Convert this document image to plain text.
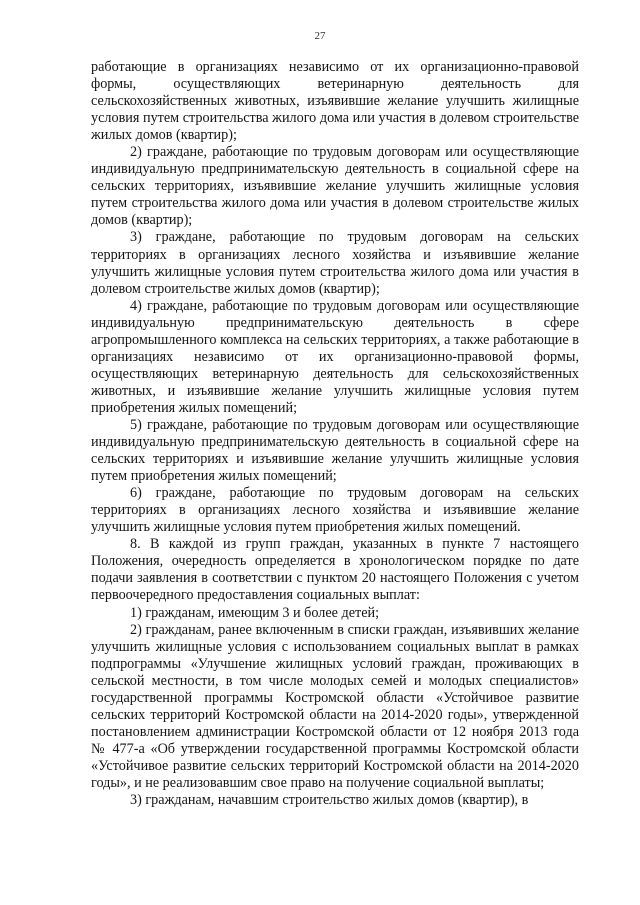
27

работающие в организациях независимо от их организационно-правовой формы, осуществляющих ветеринарную деятельность для сельскохозяйственных животных, изъявившие желание улучшить жилищные условия путем строительства жилого дома или участия в долевом строительстве жилых домов (квартир);

2) граждане, работающие по трудовым договорам или осуществляющие индивидуальную предпринимательскую деятельность в социальной сфере на сельских территориях, изъявившие желание улучшить жилищные условия путем строительства жилого дома или участия в долевом строительстве жилых домов (квартир);

3) граждане, работающие по трудовым договорам на сельских территориях в организациях лесного хозяйства и изъявившие желание улучшить жилищные условия путем строительства жилого дома или участия в долевом строительстве жилых домов (квартир);

4) граждане, работающие по трудовым договорам или осуществляющие индивидуальную предпринимательскую деятельность в сфере агропромышленного комплекса на сельских территориях, а также работающие в организациях независимо от их организационно-правовой формы, осуществляющих ветеринарную деятельность для сельскохозяйственных животных, и изъявившие желание улучшить жилищные условия путем приобретения жилых помещений;

5) граждане, работающие по трудовым договорам или осуществляющие индивидуальную предпринимательскую деятельность в социальной сфере на сельских территориях и изъявившие желание улучшить жилищные условия путем приобретения жилых помещений;

6) граждане, работающие по трудовым договорам на сельских территориях в организациях лесного хозяйства и изъявившие желание улучшить жилищные условия путем приобретения жилых помещений.

8. В каждой из групп граждан, указанных в пункте 7 настоящего Положения, очередность определяется в хронологическом порядке по дате подачи заявления в соответствии с пунктом 20 настоящего Положения с учетом первоочередного предоставления социальных выплат:

1) гражданам, имеющим 3 и более детей;

2) гражданам, ранее включенным в списки граждан, изъявивших желание улучшить жилищные условия с использованием социальных выплат в рамках подпрограммы «Улучшение жилищных условий граждан, проживающих в сельской местности, в том числе молодых семей и молодых специалистов» государственной программы Костромской области «Устойчивое развитие сельских территорий Костромской области на 2014-2020 годы», утвержденной постановлением администрации Костромской области от 12 ноября 2013 года № 477-а «Об утверждении государственной программы Костромской области «Устойчивое развитие сельских территорий Костромской области на 2014-2020 годы», и не реализовавшим свое право на получение социальной выплаты;

3) гражданам, начавшим строительство жилых домов (квартир), в
